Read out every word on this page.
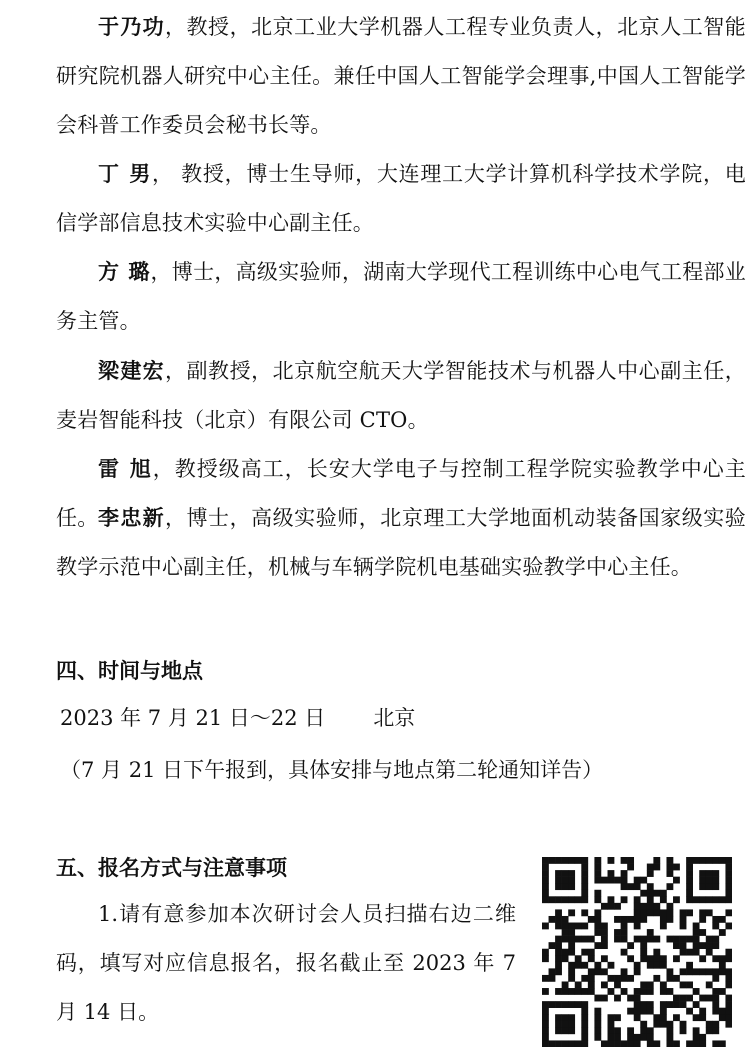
于乃功，教授，北京工业大学机器人工程专业负责人，北京人工智能研究院机器人研究中心主任。兼任中国人工智能学会理事,中国人工智能学会科普工作委员会秘书长等。

丁 男， 教授，博士生导师，大连理工大学计算机科学技术学院，电信学部信息技术实验中心副主任。

方 璐，博士，高级实验师，湖南大学现代工程训练中心电气工程部业务主管。

梁建宏，副教授，北京航空航天大学智能技术与机器人中心副主任，麦岩智能科技（北京）有限公司 CTO。

雷 旭，教授级高工，长安大学电子与控制工程学院实验教学中心主任。 李忠新，博士，高级实验师，北京理工大学地面机动装备国家级实验教学示范中心副主任，机械与车辆学院机电基础实验教学中心主任。

四、时间与地点

2023 年 7 月 21 日～22 日 北京

（7 月 21 日下午报到，具体安排与地点第二轮通知详告）

五、报名方式与注意事项

1.请有意参加本次研讨会人员扫描右边二维码，填写对应信息报名，报名截止至 2023 年 7 月 14 日。
